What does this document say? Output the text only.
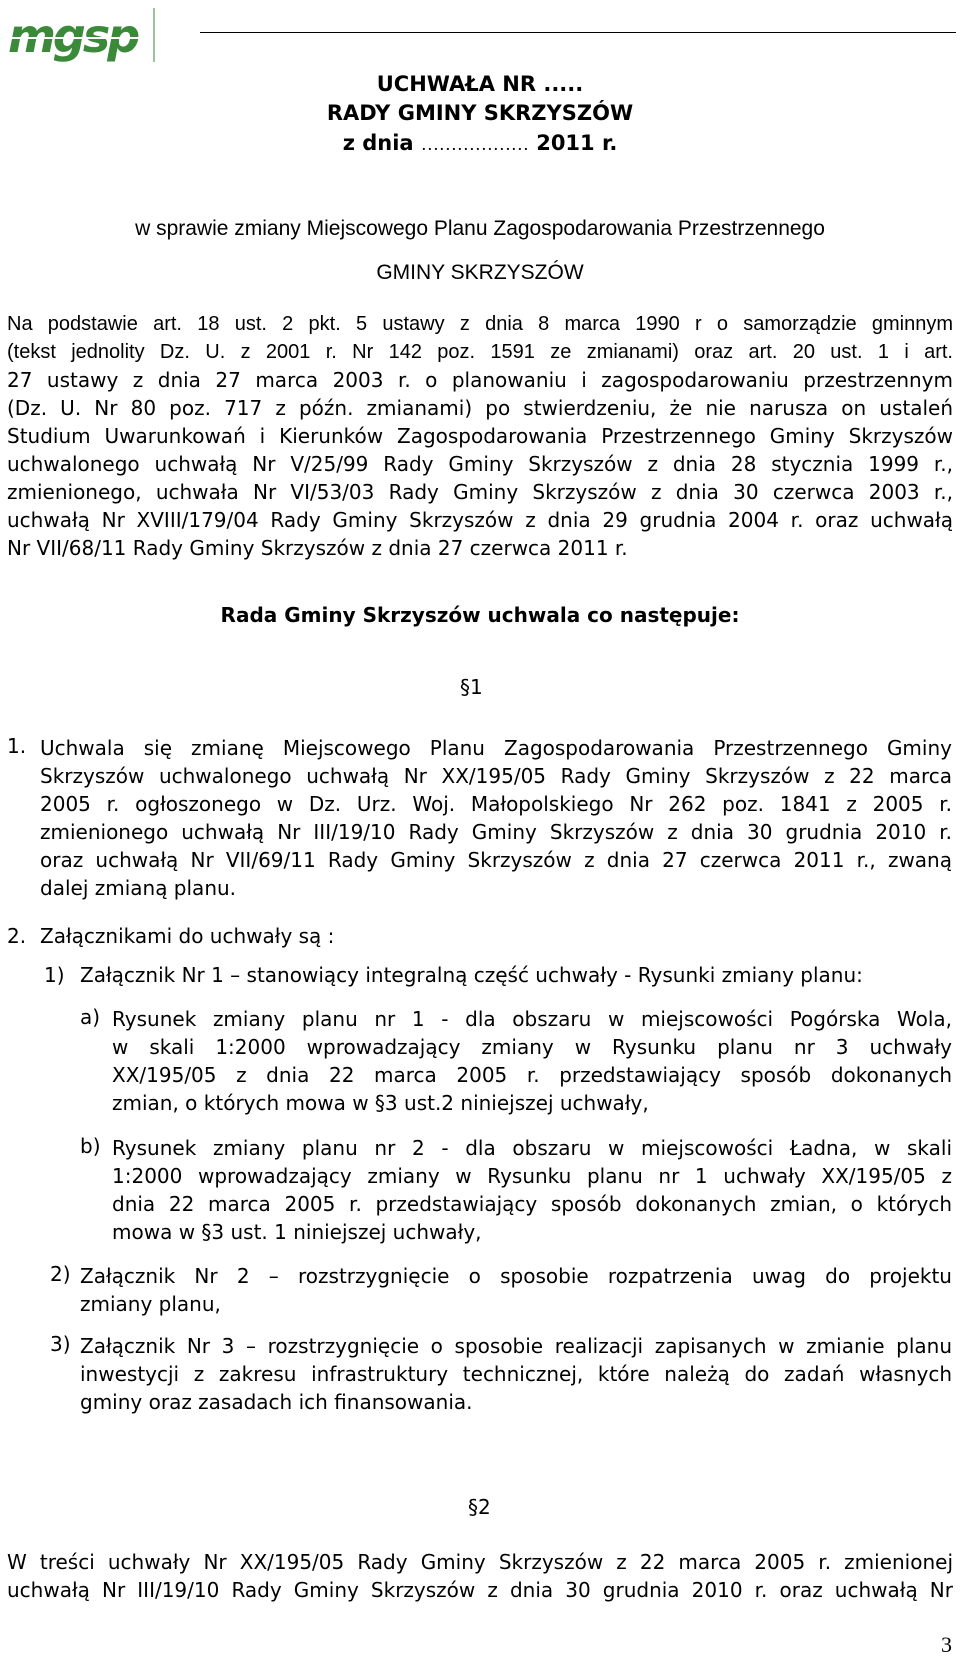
mgsp
UCHWAŁA NR .....
RADY GMINY SKRZYSZÓW
z dnia ……………… 2011 r.
w sprawie zmiany Miejscowego Planu Zagospodarowania Przestrzennego
GMINY SKRZYSZÓW
Na podstawie art. 18 ust. 2 pkt. 5 ustawy z dnia 8 marca 1990 r o samorządzie gminnym
(tekst jednolity Dz. U. z 2001 r. Nr 142 poz. 1591 ze zmianami) oraz art. 20 ust. 1 i art.
27 ustawy z dnia 27 marca 2003 r. o planowaniu i zagospodarowaniu przestrzennym
(Dz. U. Nr 80 poz. 717 z późn. zmianami) po stwierdzeniu, że nie narusza on ustaleń
Studium Uwarunkowań i Kierunków Zagospodarowania Przestrzennego Gminy Skrzyszów
uchwalonego uchwałą Nr V/25/99 Rady Gminy Skrzyszów z dnia 28 stycznia 1999 r.,
zmienionego, uchwała Nr VI/53/03 Rady Gminy Skrzyszów z dnia 30 czerwca 2003 r.,
uchwałą Nr XVIII/179/04 Rady Gminy Skrzyszów z dnia 29 grudnia 2004 r. oraz uchwałą
Nr VII/68/11 Rady Gminy Skrzyszów z dnia 27 czerwca 2011 r.
Rada Gminy Skrzyszów uchwala co następuje:
§1
1. Uchwala się zmianę Miejscowego Planu Zagospodarowania Przestrzennego Gminy
Skrzyszów uchwalonego uchwałą Nr XX/195/05 Rady Gminy Skrzyszów z 22 marca
2005 r. ogłoszonego w Dz. Urz. Woj. Małopolskiego Nr 262 poz. 1841 z 2005 r.
zmienionego uchwałą Nr III/19/10 Rady Gminy Skrzyszów z dnia 30 grudnia 2010 r.
oraz uchwałą Nr VII/69/11 Rady Gminy Skrzyszów z dnia 27 czerwca 2011 r., zwaną
dalej zmianą planu.
2. Załącznikami do uchwały są :
1) Załącznik Nr 1 – stanowiący integralną część uchwały - Rysunki zmiany planu:
a) Rysunek zmiany planu nr 1 - dla obszaru w miejscowości Pogórska Wola,
w skali 1:2000 wprowadzający zmiany w Rysunku planu nr 3 uchwały
XX/195/05 z dnia 22 marca 2005 r. przedstawiający sposób dokonanych
zmian, o których mowa w §3 ust.2 niniejszej uchwały,
b) Rysunek zmiany planu nr 2 - dla obszaru w miejscowości Ładna, w skali
1:2000 wprowadzający zmiany w Rysunku planu nr 1 uchwały XX/195/05 z
dnia 22 marca 2005 r. przedstawiający sposób dokonanych zmian, o których
mowa w §3 ust. 1 niniejszej uchwały,
2) Załącznik Nr 2 – rozstrzygnięcie o sposobie rozpatrzenia uwag do projektu
zmiany planu,
3) Załącznik Nr 3 – rozstrzygnięcie o sposobie realizacji zapisanych w zmianie planu
inwestycji z zakresu infrastruktury technicznej, które należą do zadań własnych
gminy oraz zasadach ich finansowania.
§2
W treści uchwały Nr XX/195/05 Rady Gminy Skrzyszów z 22 marca 2005 r. zmienionej
uchwałą Nr III/19/10 Rady Gminy Skrzyszów z dnia 30 grudnia 2010 r. oraz uchwałą Nr
3
